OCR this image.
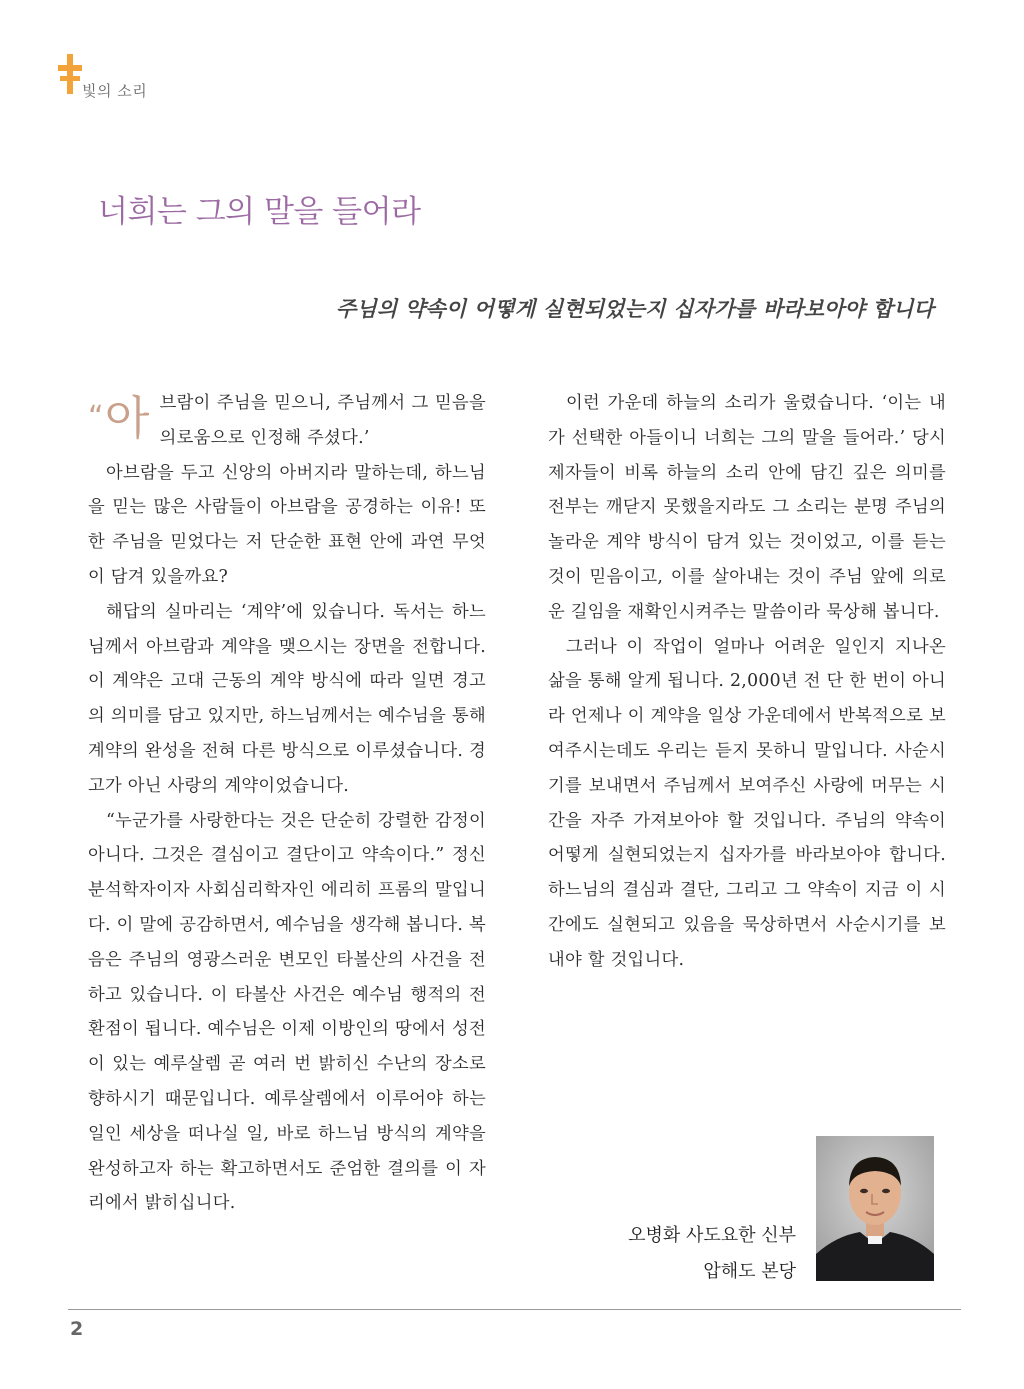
빛의 소리
너희는 그의 말을 들어라
주님의 약속이 어떻게 실현되었는지 십자가를 바라보아야 합니다

“아 브람이 주님을 믿으니, 주님께서 그 믿음을 의로움으로 인정해 주셨다.’

아브람을 두고 신앙의 아버지라 말하는데, 하느님을 믿는 많은 사람들이 아브람을 공경하는 이유! 또한 주님을 믿었다는 저 단순한 표현 안에 과연 무엇이 담겨 있을까요?

해답의 실마리는 ‘계약’에 있습니다. 독서는 하느님께서 아브람과 계약을 맺으시는 장면을 전합니다. 이 계약은 고대 근동의 계약 방식에 따라 일면 경고의 의미를 담고 있지만, 하느님께서는 예수님을 통해 계약의 완성을 전혀 다른 방식으로 이루셨습니다. 경고가 아닌 사랑의 계약이었습니다.

“누군가를 사랑한다는 것은 단순히 강렬한 감정이 아니다. 그것은 결심이고 결단이고 약속이다.” 정신분석학자이자 사회심리학자인 에리히 프롬의 말입니다. 이 말에 공감하면서, 예수님을 생각해 봅니다. 복음은 주님의 영광스러운 변모인 타볼산의 사건을 전하고 있습니다. 이 타볼산 사건은 예수님 행적의 전환점이 됩니다. 예수님은 이제 이방인의 땅에서 성전이 있는 예루살렘 곧 여러 번 밝히신 수난의 장소로 향하시기 때문입니다. 예루살렘에서 이루어야 하는 일인 세상을 떠나실 일, 바로 하느님 방식의 계약을 완성하고자 하는 확고하면서도 준엄한 결의를 이 자리에서 밝히십니다.

이런 가운데 하늘의 소리가 울렸습니다. ‘이는 내가 선택한 아들이니 너희는 그의 말을 들어라.’ 당시 제자들이 비록 하늘의 소리 안에 담긴 깊은 의미를 전부는 깨닫지 못했을지라도 그 소리는 분명 주님의 놀라운 계약 방식이 담겨 있는 것이었고, 이를 듣는 것이 믿음이고, 이를 살아내는 것이 주님 앞에 의로운 길임을 재확인시켜주는 말씀이라 묵상해 봅니다.

그러나 이 작업이 얼마나 어려운 일인지 지나온 삶을 통해 알게 됩니다. 2,000년 전 단 한 번이 아니라 언제나 이 계약을 일상 가운데에서 반복적으로 보여주시는데도 우리는 듣지 못하니 말입니다. 사순시기를 보내면서 주님께서 보여주신 사랑에 머무는 시간을 자주 가져보아야 할 것입니다. 주님의 약속이 어떻게 실현되었는지 십자가를 바라보아야 합니다. 하느님의 결심과 결단, 그리고 그 약속이 지금 이 시간에도 실현되고 있음을 묵상하면서 사순시기를 보내야 할 것입니다.

오병화 사도요한 신부
압해도 본당
2
